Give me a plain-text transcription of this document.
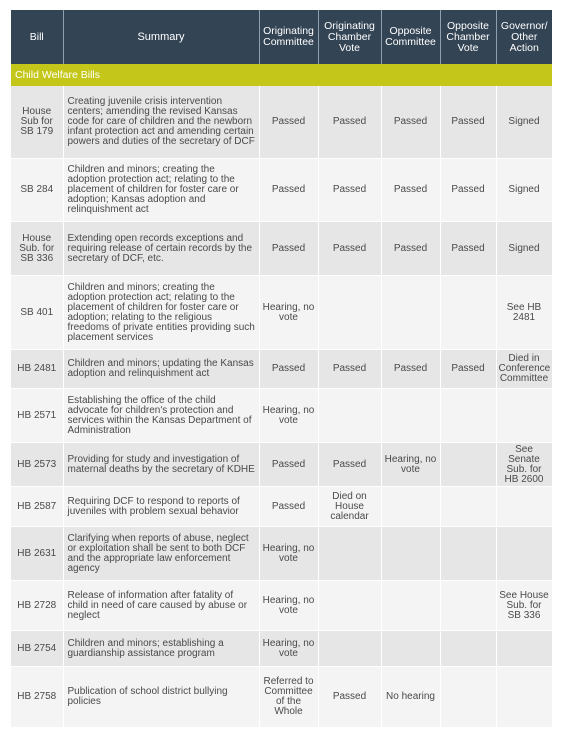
Bill	Summary	Originating Committee	Originating Chamber Vote	Opposite Committee	Opposite Chamber Vote	Governor/ Other Action
Child Welfare Bills						
House Sub for SB 179	Creating juvenile crisis intervention centers; amending the revised Kansas code for care of children and the newborn infant protection act and amending certain powers and duties of the secretary of DCF	Passed	Passed	Passed	Passed	Signed
SB 284	Children and minors; creating the adoption protection act; relating to the placement of children for foster care or adoption; Kansas adoption and relinquishment act	Passed	Passed	Passed	Passed	Signed
House Sub. for SB 336	Extending open records exceptions and requiring release of certain records by the secretary of DCF, etc.	Passed	Passed	Passed	Passed	Signed
SB 401	Children and minors; creating the adoption protection act; relating to the placement of children for foster care or adoption; relating to the religious freedoms of private entities providing such placement services	Hearing, no vote				See HB 2481
HB 2481	Children and minors; updating the Kansas adoption and relinquishment act	Passed	Passed	Passed	Passed	Died in Conference Committee
HB 2571	Establishing the office of the child advocate for children's protection and services within the Kansas Department of Administration	Hearing, no vote				
HB 2573	Providing for study and investigation of maternal deaths by the secretary of KDHE	Passed	Passed	Hearing, no vote		See Senate Sub. for HB 2600
HB 2587	Requiring DCF to respond to reports of juveniles with problem sexual behavior	Passed	Died on House calendar			
HB 2631	Clarifying when reports of abuse, neglect or exploitation shall be sent to both DCF and the appropriate law enforcement agency	Hearing, no vote				
HB 2728	Release of information after fatality of child in need of care caused by abuse or neglect	Hearing, no vote				See House Sub. for SB 336
HB 2754	Children and minors; establishing a guardianship assistance program	Hearing, no vote				
HB 2758	Publication of school district bullying policies	Referred to Committee of the Whole	Passed	No hearing		
